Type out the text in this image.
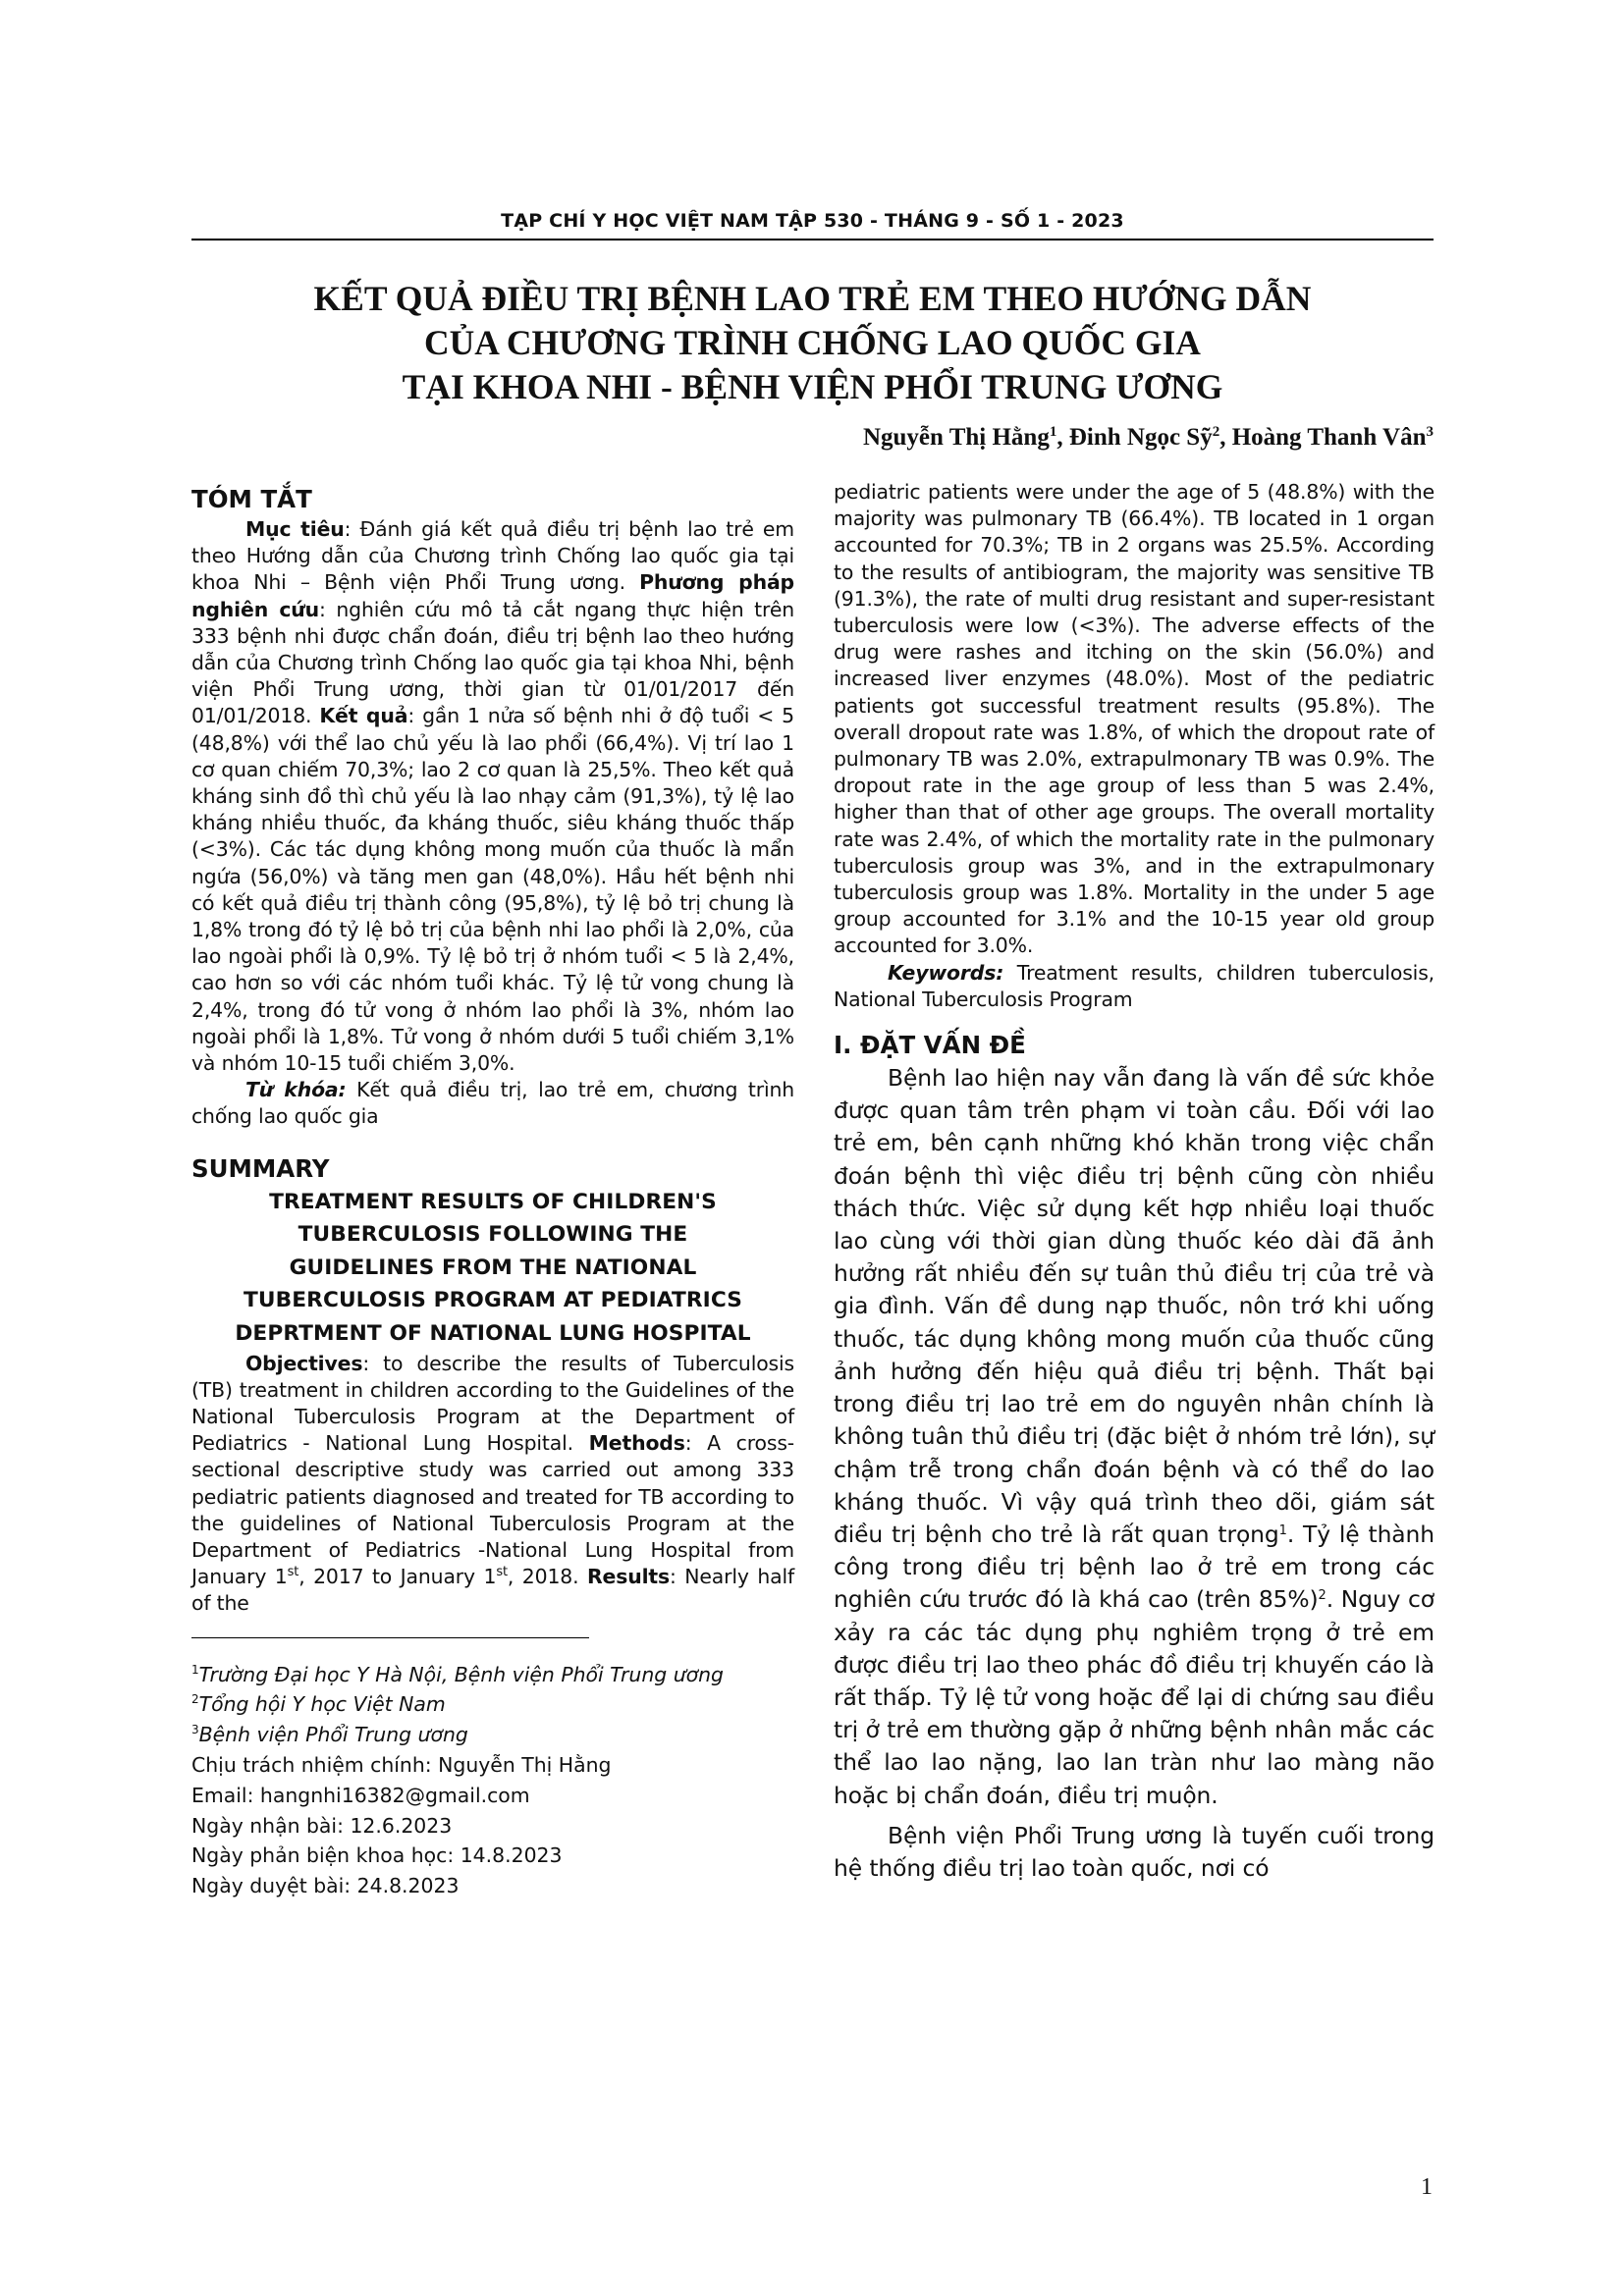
TẠP CHÍ Y HỌC VIỆT NAM TẬP 530 - THÁNG 9 - SỐ 1 - 2023
KẾT QUẢ ĐIỀU TRỊ BỆNH LAO TRẺ EM THEO HƯỚNG DẪN
CỦA CHƯƠNG TRÌNH CHỐNG LAO QUỐC GIA
TẠI KHOA NHI - BỆNH VIỆN PHỔI TRUNG ƯƠNG
Nguyễn Thị Hằng$^1$, Đinh Ngọc Sỹ$^2$, Hoàng Thanh Vân$^3$
TÓM TẮT

Mục tiêu: Đánh giá kết quả điều trị bệnh lao trẻ em theo Hướng dẫn của Chương trình Chống lao quốc gia tại khoa Nhi – Bệnh viện Phổi Trung ương. Phương pháp nghiên cứu: nghiên cứu mô tả cắt ngang thực hiện trên 333 bệnh nhi được chẩn đoán, điều trị bệnh lao theo hướng dẫn của Chương trình Chống lao quốc gia tại khoa Nhi, bệnh viện Phổi Trung ương, thời gian từ 01/01/2017 đến 01/01/2018. Kết quả: gần 1 nửa số bệnh nhi ở độ tuổi < 5 (48,8%) với thể lao chủ yếu là lao phổi (66,4%). Vị trí lao 1 cơ quan chiếm 70,3%; lao 2 cơ quan là 25,5%. Theo kết quả kháng sinh đồ thì chủ yếu là lao nhạy cảm (91,3%), tỷ lệ lao kháng nhiều thuốc, đa kháng thuốc, siêu kháng thuốc thấp (<3%). Các tác dụng không mong muốn của thuốc là mẩn ngứa (56,0%) và tăng men gan (48,0%). Hầu hết bệnh nhi có kết quả điều trị thành công (95,8%), tỷ lệ bỏ trị chung là 1,8% trong đó tỷ lệ bỏ trị của bệnh nhi lao phổi là 2,0%, của lao ngoài phổi là 0,9%. Tỷ lệ bỏ trị ở nhóm tuổi < 5 là 2,4%, cao hơn so với các nhóm tuổi khác. Tỷ lệ tử vong chung là 2,4%, trong đó tử vong ở nhóm lao phổi là 3%, nhóm lao ngoài phổi là 1,8%. Tử vong ở nhóm dưới 5 tuổi chiếm 3,1% và nhóm 10-15 tuổi chiếm 3,0%.

Từ khóa: Kết quả điều trị, lao trẻ em, chương trình chống lao quốc gia

SUMMARY
TREATMENT RESULTS OF CHILDREN'S
TUBERCULOSIS FOLLOWING THE
GUIDELINES FROM THE NATIONAL
TUBERCULOSIS PROGRAM AT PEDIATRICS
DEPRTMENT OF NATIONAL LUNG HOSPITAL

Objectives: to describe the results of Tuberculosis (TB) treatment in children according to the Guidelines of the National Tuberculosis Program at the Department of Pediatrics - National Lung Hospital. Methods: A cross-sectional descriptive study was carried out among 333 pediatric patients diagnosed and treated for TB according to the guidelines of National Tuberculosis Program at the Department of Pediatrics -National Lung Hospital from January 1st, 2017 to January 1st, 2018. Results: Nearly half of the

$^1$Trường Đại học Y Hà Nội, Bệnh viện Phổi Trung ương

$^2$Tổng hội Y học Việt Nam

$^3$Bệnh viện Phổi Trung ương

Chịu trách nhiệm chính: Nguyễn Thị Hằng

Email: hangnhi16382@gmail.com

Ngày nhận bài: 12.6.2023

Ngày phản biện khoa học: 14.8.2023

Ngày duyệt bài: 24.8.2023

pediatric patients were under the age of 5 (48.8%) with the majority was pulmonary TB (66.4%). TB located in 1 organ accounted for 70.3%; TB in 2 organs was 25.5%. According to the results of antibiogram, the majority was sensitive TB (91.3%), the rate of multi drug resistant and super-resistant tuberculosis were low (<3%). The adverse effects of the drug were rashes and itching on the skin (56.0%) and increased liver enzymes (48.0%). Most of the pediatric patients got successful treatment results (95.8%). The overall dropout rate was 1.8%, of which the dropout rate of pulmonary TB was 2.0%, extrapulmonary TB was 0.9%. The dropout rate in the age group of less than 5 was 2.4%, higher than that of other age groups. The overall mortality rate was 2.4%, of which the mortality rate in the pulmonary tuberculosis group was 3%, and in the extrapulmonary tuberculosis group was 1.8%. Mortality in the under 5 age group accounted for 3.1% and the 10-15 year old group accounted for 3.0%.

Keywords: Treatment results, children tuberculosis, National Tuberculosis Program

I. ĐẶT VẤN ĐỀ

Bệnh lao hiện nay vẫn đang là vấn đề sức khỏe được quan tâm trên phạm vi toàn cầu. Đối với lao trẻ em, bên cạnh những khó khăn trong việc chẩn đoán bệnh thì việc điều trị bệnh cũng còn nhiều thách thức. Việc sử dụng kết hợp nhiều loại thuốc lao cùng với thời gian dùng thuốc kéo dài đã ảnh hưởng rất nhiều đến sự tuân thủ điều trị của trẻ và gia đình. Vấn đề dung nạp thuốc, nôn trớ khi uống thuốc, tác dụng không mong muốn của thuốc cũng ảnh hưởng đến hiệu quả điều trị bệnh. Thất bại trong điều trị lao trẻ em do nguyên nhân chính là không tuân thủ điều trị (đặc biệt ở nhóm trẻ lớn), sự chậm trễ trong chẩn đoán bệnh và có thể do lao kháng thuốc. Vì vậy quá trình theo dõi, giám sát điều trị bệnh cho trẻ là rất quan trọng$^1$. Tỷ lệ thành công trong điều trị bệnh lao ở trẻ em trong các nghiên cứu trước đó là khá cao (trên 85%)$^2$. Nguy cơ xảy ra các tác dụng phụ nghiêm trọng ở trẻ em được điều trị lao theo phác đồ điều trị khuyến cáo là rất thấp. Tỷ lệ tử vong hoặc để lại di chứng sau điều trị ở trẻ em thường gặp ở những bệnh nhân mắc các thể lao lao nặng, lao lan tràn như lao màng não hoặc bị chẩn đoán, điều trị muộn.

Bệnh viện Phổi Trung ương là tuyến cuối trong hệ thống điều trị lao toàn quốc, nơi có

1
